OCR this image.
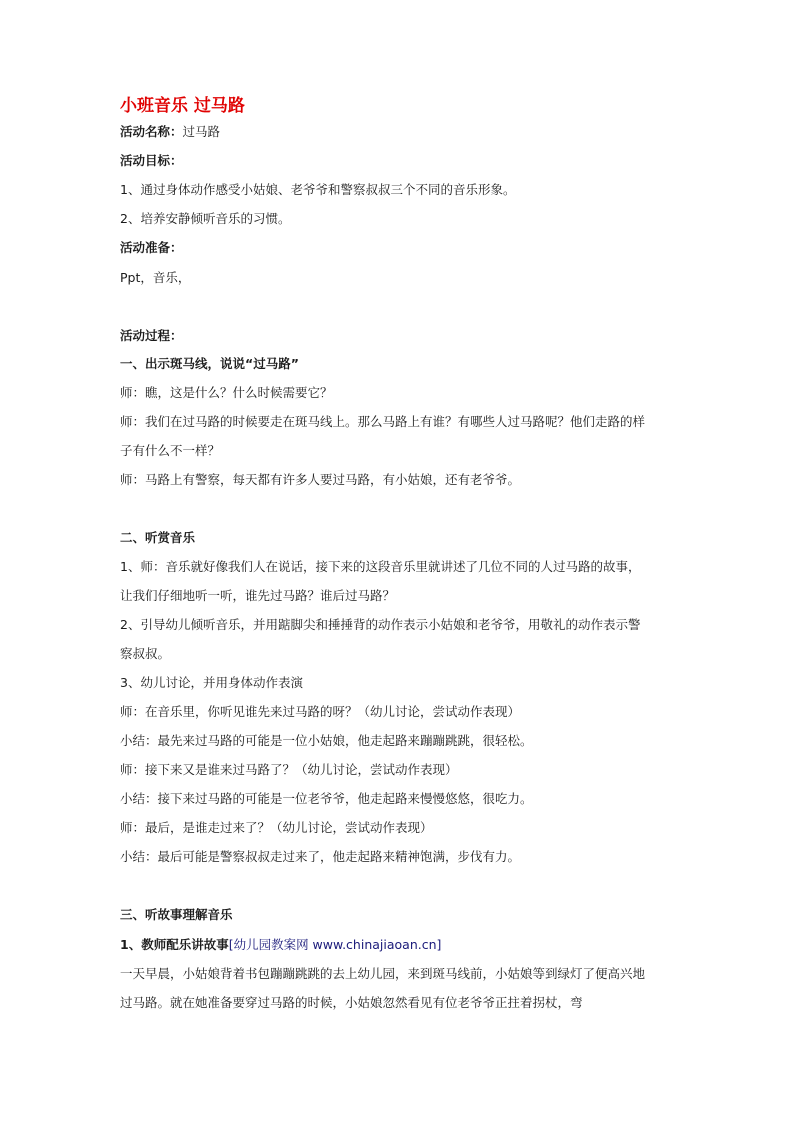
小班音乐 过马路
活动名称：过马路
活动目标：
1、通过身体动作感受小姑娘、老爷爷和警察叔叔三个不同的音乐形象。
2、培养安静倾听音乐的习惯。
活动准备：
Ppt，音乐，
活动过程：
一、出示斑马线，说说“过马路”
师：瞧，这是什么？什么时候需要它？
师：我们在过马路的时候要走在斑马线上。那么马路上有谁？有哪些人过马路呢？他们走路的样
子有什么不一样？
师：马路上有警察，每天都有许多人要过马路，有小姑娘，还有老爷爷。
二、听赏音乐
1、师：音乐就好像我们人在说话，接下来的这段音乐里就讲述了几位不同的人过马路的故事，
让我们仔细地听一听，谁先过马路？谁后过马路？
2、引导幼儿倾听音乐，并用踮脚尖和捶捶背的动作表示小姑娘和老爷爷，用敬礼的动作表示警
察叔叔。
3、幼儿讨论，并用身体动作表演
师：在音乐里，你听见谁先来过马路的呀？（幼儿讨论，尝试动作表现）
小结：最先来过马路的可能是一位小姑娘，他走起路来蹦蹦跳跳，很轻松。
师：接下来又是谁来过马路了？（幼儿讨论，尝试动作表现）
小结：接下来过马路的可能是一位老爷爷，他走起路来慢慢悠悠，很吃力。
师：最后，是谁走过来了？（幼儿讨论，尝试动作表现）
小结：最后可能是警察叔叔走过来了，他走起路来精神饱满，步伐有力。
三、听故事理解音乐
1、教师配乐讲故事[幼儿园教案网 www.chinajiaoan.cn]
一天早晨，小姑娘背着书包蹦蹦跳跳的去上幼儿园，来到斑马线前，小姑娘等到绿灯了便高兴地
过马路。就在她准备要穿过马路的时候，小姑娘忽然看见有位老爷爷正拄着拐杖，弯
